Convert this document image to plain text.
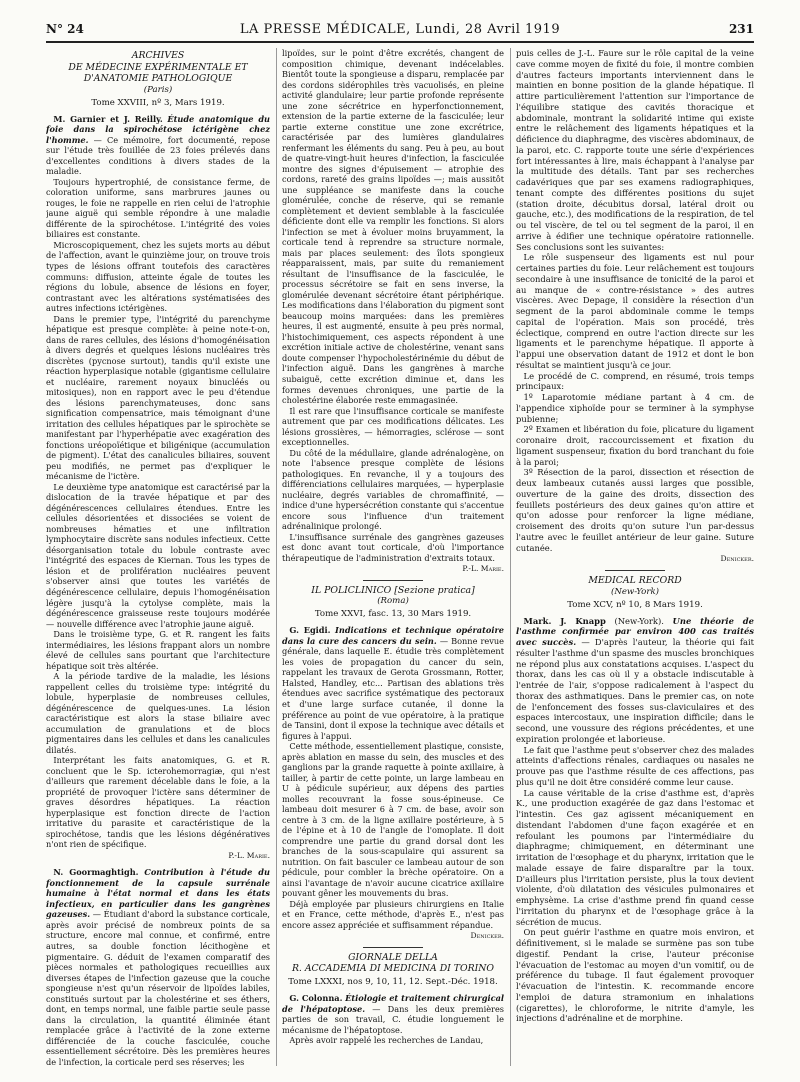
N° 24	LA PRESSE MÉDICALE, Lundi, 28 Avril 1919	231
ARCHIVES
DE MÉDECINE EXPÉRIMENTALE ET
D'ANATOMIE PATHOLOGIQUE
(Paris)
Tome XXVIII, nº 3, Mars 1919.

M. Garnier et J. Reilly. Étude anatomique du foie dans la spirochétose ictérigène chez l'homme. — Ce mémoire, fort documenté, repose sur l'étude très fouillée de 23 foies prélevés dans d'excellentes conditions à divers stades de la maladie.

Toujours hypertrophié, de consistance ferme, de coloration uniforme, sans marbrures jaunes ou rouges, le foie ne rappelle en rien celui de l'atrophie jaune aiguë qui semble répondre à une maladie différente de la spirochétose. L'intégrité des voies biliaires est constante.

Microscopiquement, chez les sujets morts au début de l'affection, avant le quinzième jour, on trouve trois types de lésions offrant toutefois des caractères communs: diffusion, atteinte égale de toutes les régions du lobule, absence de lésions en foyer, contrastant avec les altérations systématisées des autres infections ictérigènes.

Dans le premier type, l'intégrité du parenchyme hépatique est presque complète: à peine note-t-on, dans de rares cellules, des lésions d'homogénéisation à divers degrés et quelques lésions nucléaires très discrètes (pycnose surtout), tandis qu'il existe une réaction hyperplasique notable (gigantisme cellulaire et nucléaire, rarement noyaux binucléés ou mitosiques), non en rapport avec le peu d'étendue des lésions parenchymateuses, donc sans signification compensatrice, mais témoignant d'une irritation des cellules hépatiques par le spirochète se manifestant par l'hyperhépatie avec exagération des fonctions uréopoïétique et biligénique (accumulation de pigment). L'état des canalicules biliaires, souvent peu modifiés, ne permet pas d'expliquer le mécanisme de l'ictère.

Le deuxième type anatomique est caractérisé par la dislocation de la travée hépatique et par des dégénérescences cellulaires étendues. Entre les cellules désorientées et dissociées se voient de nombreuses hématies et une infiltration lymphocytaire discrète sans nodules infectieux. Cette désorganisation totale du lobule contraste avec l'intégrité des espaces de Kiernan. Tous les types de lésion et de prolifération nucléaires peuvent s'observer ainsi que toutes les variétés de dégénérescence cellulaire, depuis l'homogénéisation légère jusqu'à la cytolyse complète, mais la dégénérescence graisseuse reste toujours modérée — nouvelle différence avec l'atrophie jaune aiguë.

Dans le troisième type, G. et R. rangent les faits intermédiaires, les lésions frappant alors un nombre élevé de cellules sans pourtant que l'architecture hépatique soit très altérée.

A la période tardive de la maladie, les lésions rappellent celles du troisième type: intégrité du lobule, hyperplasie de nombreuses cellules, dégénérescence de quelques-unes. La lésion caractéristique est alors la stase biliaire avec accumulation de granulations et de blocs pigmentaires dans les cellules et dans les canalicules dilatés.

Interprétant les faits anatomiques, G. et R. concluent que le Sp. icterohemorragiæ, qui n'est d'ailleurs que rarement décelable dans le foie, a la propriété de provoquer l'ictère sans déterminer de graves désordres hépatiques. La réaction hyperplasique est fonction directe de l'action irritative du parasite et caractéristique de la spirochétose, tandis que les lésions dégénératives n'ont rien de spécifique.

P.-L. Marie.

N. Goormaghtigh. Contribution à l'étude du fonctionnement de la capsule surrénale humaine à l'état normal et dans les états infectieux, en particulier dans les gangrènes gazeuses. — Étudiant d'abord la substance corticale, après avoir précisé de nombreux points de sa structure, encore mal connue, et confirmé, entre autres, sa double fonction lécithogène et pigmentaire. G. déduit de l'examen comparatif des pièces normales et pathologiques recueillies aux diverses étapes de l'infection gazeuse que la couche spongieuse n'est qu'un réservoir de lipoïdes labiles, constitués surtout par la cholestérine et ses éthers, dont, en temps normal, une faible partie seule passe dans la circulation, la quantité éliminée étant remplacée grâce à l'activité de la zone externe différenciée de la couche fasciculée, couche essentiellement sécrétoire. Dès les premières heures de l'infection, la corticale perd ses réserves; les

lipoïdes, sur le point d'être excrétés, changent de composition chimique, devenant indécelables. Bientôt toute la spongieuse a disparu, remplacée par des cordons sidérophiles très vacuolisés, en pleine activité glandulaire; leur partie profonde représente une zone sécrétrice en hyperfonctionnement, extension de la partie externe de la fasciculée; leur partie externe constitue une zone excrétrice, caractérisée par des lumières glandulaires renfermant les éléments du sang. Peu à peu, au bout de quatre-vingt-huit heures d'infection, la fasciculée montre des signes d'épuisement — atrophie des cordons, rareté des grains lipoïdes —; mais aussitôt une suppléance se manifeste dans la couche glomérulée, conche de réserve, qui se remanie complètement et devient semblable à la fasciculée déficiente dont elle va remplir les fonctions. Si alors l'infection se met à évoluer moins bruyamment, la corticale tend à reprendre sa structure normale, mais par places seulement: des îlots spongieux réapparaissent, mais, par suite du remaniement résultant de l'insuffisance de la fasciculée, le processus sécrétoire se fait en sens inverse, la glomérulée devenant sécrétoire étant périphérique. Les modifications dans l'élaboration du pigment sont beaucoup moins marquées: dans les premières heures, il est augmenté, ensuite à peu près normal, l'histochimiquement, ces aspects répondent à une excrétion initiale active de cholestérine, venant sans doute compenser l'hypocholestérinémie du début de l'infection aiguë. Dans les gangrènes à marche subaiguë, cette excrétion diminue et, dans les formes devenues chroniques, une partie de la cholestérine élaborée reste emmagasinée.

Il est rare que l'insuffisance corticale se manifeste autrement que par ces modifications délicates. Les lésions grossières, — hémorragies, sclérose — sont exceptionnelles.

Du côté de la médullaire, glande adrénalogène, on note l'absence presque complète de lésions pathologiques. En revanche, il y a toujours des différenciations cellulaires marquées, — hyperplasie nucléaire, degrés variables de chromaffinité, — indice d'une hypersécrétion constante qui s'accentue encore sous l'influence d'un traitement adrénalinique prolongé.

L'insuffisance surrénale des gangrènes gazeuses est donc avant tout corticale, d'où l'importance thérapeutique de l'administration d'extraits totaux.

P.-L. Marie.
IL POLICLINICO [Sezione pratica]
(Roma)
Tome XXVI, fasc. 13, 30 Mars 1919.

G. Egidi. Indications et technique opératoire dans la cure des cancers du sein. — Bonne revue générale, dans laquelle E. étudie très complètement les voies de propagation du cancer du sein, rappelant les travaux de Gerota Grossmann, Rotter, Halsted, Handley, etc... Partisan des ablations très étendues avec sacrifice systématique des pectoraux et d'une large surface cutanée, il donne la préférence au point de vue opératoire, à la pratique de Tansini, dont il expose la technique avec détails et figures à l'appui.

Cette méthode, essentiellement plastique, consiste, après ablation en masse du sein, des muscles et des ganglions par la grande raquette à pointe axillaire, à tailler, à partir de cette pointe, un large lambeau en U à pédicule supérieur, aux dépens des parties molles recouvrant la fosse sous-épineuse. Ce lambeau doit mesurer 6 à 7 cm. de base, avoir son centre à 3 cm. de la ligne axillaire postérieure, à 5 de l'épine et à 10 de l'angle de l'omoplate. Il doit comprendre une partie du grand dorsal dont les branches de la sous-scapulaire qui assurent sa nutrition. On fait basculer ce lambeau autour de son pédicule, pour combler la brèche opératoire. On a ainsi l'avantage de n'avoir aucune cicatrice axillaire pouvant gêner les mouvements du bras.

Déjà employée par plusieurs chirurgiens en Italie et en France, cette méthode, d'après E., n'est pas encore assez appréciée et suffisamment répandue.

Denicker.
GIORNALE DELLA
R. ACCADEMIA DI MEDICINA DI TORINO
Tome LXXXI, nos 9, 10, 11, 12. Sept.-Déc. 1918.

G. Colonna. Étiologie et traitement chirurgical de l'hépatoptose. — Dans les deux premières parties de son travail, C. étudie longuement le mécanisme de l'hépatoptose.

Après avoir rappelé les recherches de Landau,

puis celles de J.-L. Faure sur le rôle capital de la veine cave comme moyen de fixité du foie, il montre combien d'autres facteurs importants interviennent dans le maintien en bonne position de la glande hépatique. Il attire particulièrement l'attention sur l'importance de l'équilibre statique des cavités thoracique et abdominale, montrant la solidarité intime qui existe entre le relâchement des ligaments hépatiques et la déficience du diaphragme, des viscères abdominaux, de la paroi, etc. C. rapporte toute une série d'expériences fort intéressantes à lire, mais échappant à l'analyse par la multitude des détails. Tant par ses recherches cadavériques que par ses examens radiographiques, tenant compte des différentes positions du sujet (station droite, décubitus dorsal, latéral droit ou gauche, etc.), des modifications de la respiration, de tel ou tel viscère, de tel ou tel segment de la paroi, il en arrive à édifier une technique opératoire rationnelle. Ses conclusions sont les suivantes:

Le rôle suspenseur des ligaments est nul pour certaines parties du foie. Leur relâchement est toujours secondaire à une insuffisance de tonicité de la paroi et au manque de « contre-résistance » des autres viscères. Avec Depage, il considère la résection d'un segment de la paroi abdominale comme le temps capital de l'opération. Mais son procédé, très éclectique, comprend en outre l'action directe sur les ligaments et le parenchyme hépatique. Il apporte à l'appui une observation datant de 1912 et dont le bon résultat se maintient jusqu'à ce jour.

Le procédé de C. comprend, en résumé, trois temps principaux:

1º Laparotomie médiane partant à 4 cm. de l'appendice xiphoïde pour se terminer à la symphyse pubienne;

2º Examen et libération du foie, plicature du ligament coronaire droit, raccourcissement et fixation du ligament suspenseur, fixation du bord tranchant du foie à la paroi;

3º Résection de la paroi, dissection et résection de deux lambeaux cutanés aussi larges que possible, ouverture de la gaine des droits, dissection des feuillets postérieurs des deux gaines qu'on attire et qu'on adosse pour renforcer la ligne médiane, croisement des droits qu'on suture l'un par-dessus l'autre avec le feuillet antérieur de leur gaine. Suture cutanée.

Denicker.
MEDICAL RECORD
(New-York)
Tome XCV, nº 10, 8 Mars 1919.

Mark. J. Knapp (New-York). Une théorie de l'asthme confirmée par environ 400 cas traités avec succès. — D'après l'auteur, la théorie qui fait résulter l'asthme d'un spasme des muscles bronchiques ne répond plus aux constatations acquises. L'aspect du thorax, dans les cas où il y a obstacle indiscutable à l'entrée de l'air, s'oppose radicalement à l'aspect du thorax des asthmatiques. Dans le premier cas, on note de l'enfoncement des fosses sus-claviculaires et des espaces intercostaux, une inspiration difficile; dans le second, une voussure des régions précédentes, et une expiration prolongée et laborieuse.

Le fait que l'asthme peut s'observer chez des malades atteints d'affections rénales, cardiaques ou nasales ne prouve pas que l'asthme résulte de ces affections, pas plus qu'il ne doit être considéré comme leur cause.

La cause véritable de la crise d'asthme est, d'après K., une production exagérée de gaz dans l'estomac et l'intestin. Ces gaz agissent mécaniquement en distendant l'abdomen d'une façon exagérée et en refoulant les poumons par l'intermédiaire du diaphragme; chimiquement, en déterminant une irritation de l'œsophage et du pharynx, irritation que le malade essaye de faire disparaître par la toux. D'ailleurs plus l'irritation persiste, plus la toux devient violente, d'où dilatation des vésicules pulmonaires et emphysème. La crise d'asthme prend fin quand cesse l'irritation du pharynx et de l'œsophage grâce à la sécrétion de mucus.

On peut guérir l'asthme en quatre mois environ, et définitivement, si le malade se surmène pas son tube digestif. Pendant la crise, l'auteur préconise l'évacuation de l'estomac au moyen d'un vomitif, ou de préférence du tubage. Il faut également provoquer l'évacuation de l'intestin. K. recommande encore l'emploi de datura stramonium en inhalations (cigarettes), le chloroforme, le nitrite d'amyle, les injections d'adrénaline et de morphine.
